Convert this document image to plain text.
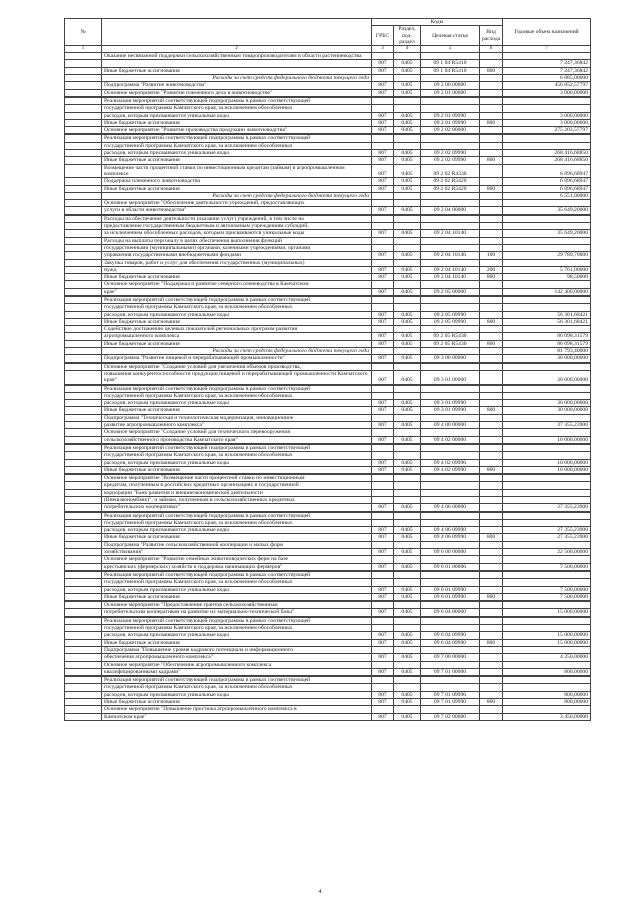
№		Коды				Годовые объем назначений
		ГРБС	Раздел, под-раздел	Целевая статья	Вид расхода	
1	2	3	4	5	6	7
	Оказание несвязанной поддержки сельскохозяйственным товаропроизводителям в области растениеводства					
		807	0405	09 1 04 R5410		7 247,36842
	Иные бюджетные ассигнования	807	0405	09 1 04 R5410	800	7 247,36842
	Расходы за счет средств федерального бюджета текущего года					6 885,00000
	Подпрограмма "Развитие животноводства"	807	0405	09 2 00 00000		456 852,57797
	Основное мероприятие "Развитие племенного дела в животноводстве"	807	0405	09 2 01 00000		3 000,00000

	Реализация мероприятий соответствующей подпрограммы в рамках соответствующей					
	государственной программы Камчатского края, за исключением обособленных					
	расходов, которым присваиваются уникальные коды	807	0405	09 2 01 09990		3 000,00000
	Иные бюджетные ассигнования	807	0405	09 2 01 09990	800	3 000,00000
	Основное мероприятие "Развитие производства продукции животноводства"	807	0405	09 2 02 00000		275 203,57797

	Реализация мероприятий соответствующей подпрограммы в рамках соответствующей					
	государственной программы Камчатского края, за исключением обособленных					
	расходов, которым присваиваются уникальные коды	807	0405	09 2 02 09990		268 416,68850
	Иные бюджетные ассигнования	807	0405	09 2 02 09990	800	268 416,68850
	Возмещение части процентной ставки по инвестиционным кредитам (займам) в агропромышленном комплексе	807	0405	09 2 02 R4330		6 896,68947
	Поддержка племенного животноводства	807	0405	09 2 02 R5420		6 896,68947
	Иные бюджетные ассигнования	807	0405	09 2 02 R5420	800	6 896,68947
	Расходы за счет средств федерального бюджета текущего года					6 551,00000
	Основное мероприятие "Обеспечение деятельности учреждений, предоставляющих					
	услуги в области животноводства"	807	0405	09 2 04 00000		35 649,20000

	Расходы на обеспечение деятельности (оказание услуг) учреждений, в том числе на					
	предоставление государственным бюджетным и автономным учреждениям субсидий,					
	за исключением обособленных расходов, которым присваиваются уникальные коды	807	0405	09 2 04 10140		35 649,20000
	Расходы на выплаты персоналу в целях обеспечения выполнения функций					
	государственными (муниципальными) органами, казенными учреждениями, органами					
	управления государственными внебюджетными фондами	807	0405	09 2 04 10140	100	29 789,70000
	Закупка товаров, работ и услуг для обеспечения государственных (муниципальных)					
	нужд	807	0405	09 2 04 10140	200	5 761,00000
	Иные бюджетные ассигнования	807	0405	09 2 04 10140	800	98,50000
	Основное мероприятие "Поддержка и развитие северного оленеводства в Камчатском					
	крае"	807	0405	09 2 05 00000		142 400,00000

	Реализация мероприятий соответствующей подпрограммы в рамках соответствующей					
	государственной программы Камчатского края, за исключением обособленных					
	расходов, которым присваиваются уникальные коды	807	0405	09 2 05 09990		56 301,68421
	Иные бюджетные ассигнования	807	0405	09 2 05 09990	800	56 301,68421
	Содействие достижению целевых показателей региональных программ развития					
	агропромышленного комплекса	807	0405	09 2 05 R5430		86 098,31579
	Иные бюджетные ассигнования	807	0405	09 2 05 R5430	800	86 098,31579
	Расходы за счет средств федерального бюджета текущего года					81 793,40000
	Подпрограмма "Развитие пищевой и перерабатывающей промышленности"	807	0405	09 3 00 00000		30 000,00000

	Основное мероприятие "Создание условий для увеличения объемов производства,					
	повышения конкурентоспособности продукции пищевой и перерабатывающей промышленности Камчатского края"	807	0405	09 3 01 00000		30 000,00000

	Реализация мероприятий соответствующей подпрограммы в рамках соответствующей					
	государственной программы Камчатского края, за исключением обособленных					
	расходов, которым присваиваются уникальные коды	807	0405	09 3 01 09990		30 000,00000
	Иные бюджетные ассигнования	807	0405	09 3 01 09990	800	30 000,00000
	Подпрограмма "Техническая и технологическая модернизация, инновационное					
	развитие агропромышленного комплекса"	807	0405	09 4 00 00000		37 355,23900
	Основное мероприятие "Создание условий для технического перевооружения					
	сельскохозяйственного производства Камчатского края"	807	0405	09 4 02 00000		10 000,00000

	Реализация мероприятий соответствующей подпрограммы в рамках соответствующей					
	государственной программы Камчатского края, за исключением обособленных					
	расходов, которым присваиваются уникальные коды	807	0405	09 4 02 09990		10 000,00000
	Иные бюджетные ассигнования	807	0405	09 4 02 09990	800	10 000,00000

	Основное мероприятие "Возмещение части процентной ставки по инвестиционным					
	кредитам, полученным в российских кредитных организациях и государственной					
	корпорации "Банк развития и внешнеэкономической деятельности					
	(Внешэкономбанк)", и займам, полученным в сельскохозяйственных кредитных					
	потребительских кооперативах"	807	0405	09 4 06 00000		27 355,23900

	Реализация мероприятий соответствующей подпрограммы в рамках соответствующей					
	государственной программы Камчатского края, за исключением обособленных					
	расходов, которым присваиваются уникальные коды	807	0405	09 4 06 09990		27 355,23900
	Иные бюджетные ассигнования	807	0405	09 4 06 09990	800	27 355,23900
	Подпрограмма "Развитие сельскохозяйственной кооперации и малых форм					
	хозяйствования"	807	0405	09 6 00 00000		22 500,00000
	Основное мероприятие "Развитие семейных животноводческих ферм на базе					
	крестьянских (фермерских) хозяйств и поддержка начинающих фермеров"	807	0405	09 6 01 00000		7 500,00000

	Реализация мероприятий соответствующей подпрограммы в рамках соответствующей					
	государственной программы Камчатского края, за исключением обособленных					
	расходов, которым присваиваются уникальные коды	807	0405	09 6 01 09990		7 500,00000
	Иные бюджетные ассигнования	807	0405	09 6 01 09990	800	7 500,00000

	Основное мероприятие "Предоставление грантов сельскохозяйственным					
	потребительским кооперативам на развитие их материально-технической базы"	807	0405	09 6 04 00000		15 000,00000

	Реализация мероприятий соответствующей подпрограммы в рамках соответствующей					
	государственной программы Камчатского края, за исключением обособленных					
	расходов, которым присваиваются уникальные коды	807	0405	09 6 04 09990		15 000,00000
	Иные бюджетные ассигнования	807	0405	09 6 04 09990	800	15 000,00000
	Подпрограмма "Повышение уровня кадрового потенциала и информационного					
	обеспечения агропромышленного комплекса"	807	0405	09 7 00 00000		4 250,00000
	Основное мероприятие "Обеспечение агропромышленного комплекса					
	квалифицированными кадрами"	807	0405	09 7 01 00000		800,00000

	Реализация мероприятий соответствующей подпрограммы в рамках соответствующей					
	государственной программы Камчатского края, за исключением обособленных					
	расходов, которым присваиваются уникальные коды	807	0405	09 7 01 09990		800,00000
	Иные бюджетные ассигнования	807	0405	09 7 01 09990	800	800,00000
	Основное мероприятие "Повышение престижа агропромышленного комплекса в					
	Камчатском крае"	807	0405	09 7 02 00000		3 450,00000
4
